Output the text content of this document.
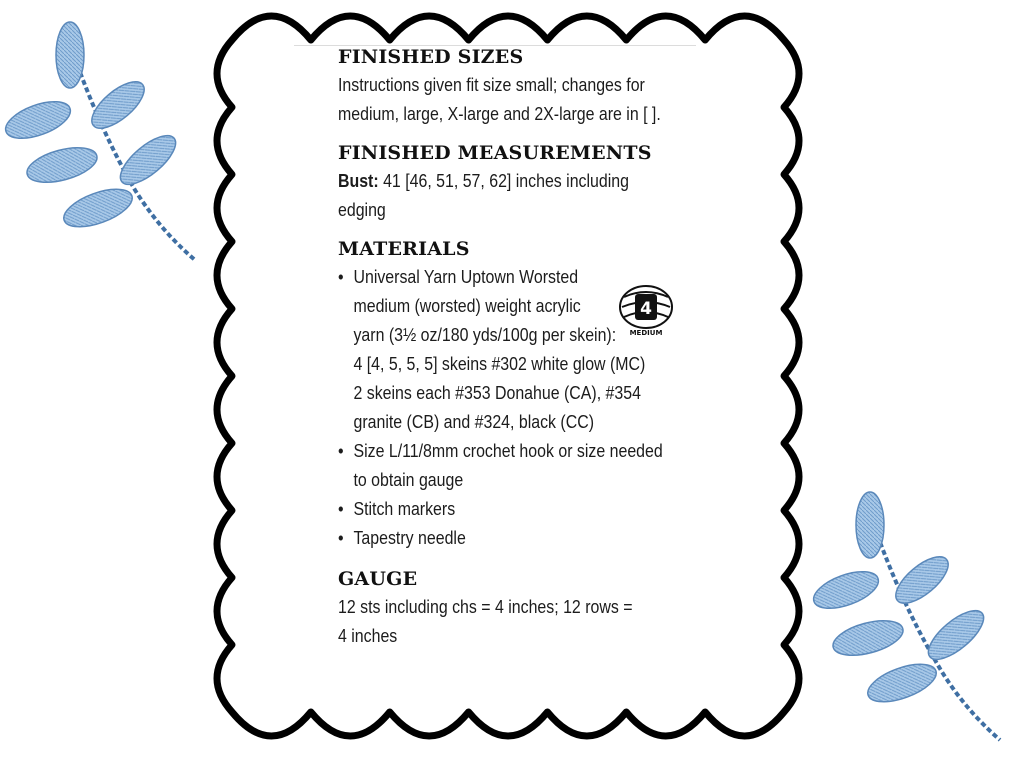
4
MEDIUM
FINISHED SIZES

Instructions given fit size small; changes for

medium, large, X-large and 2X-large are in [ ].

FINISHED MEASUREMENTS

Bust: 41 [46, 51, 57, 62] inches including

edging

MATERIALS
• Universal Yarn Uptown Worsted
medium (worsted) weight acrylic
yarn (3½ oz/180 yds/100g per skein):
4 [4, 5, 5, 5] skeins #302 white glow (MC)
2 skeins each #353 Donahue (CA), #354
granite (CB) and #324, black (CC)
• Size L/11/8mm crochet hook or size needed
to obtain gauge
• Stitch markers
• Tapestry needle
GAUGE

12 sts including chs = 4 inches; 12 rows =

4 inches
